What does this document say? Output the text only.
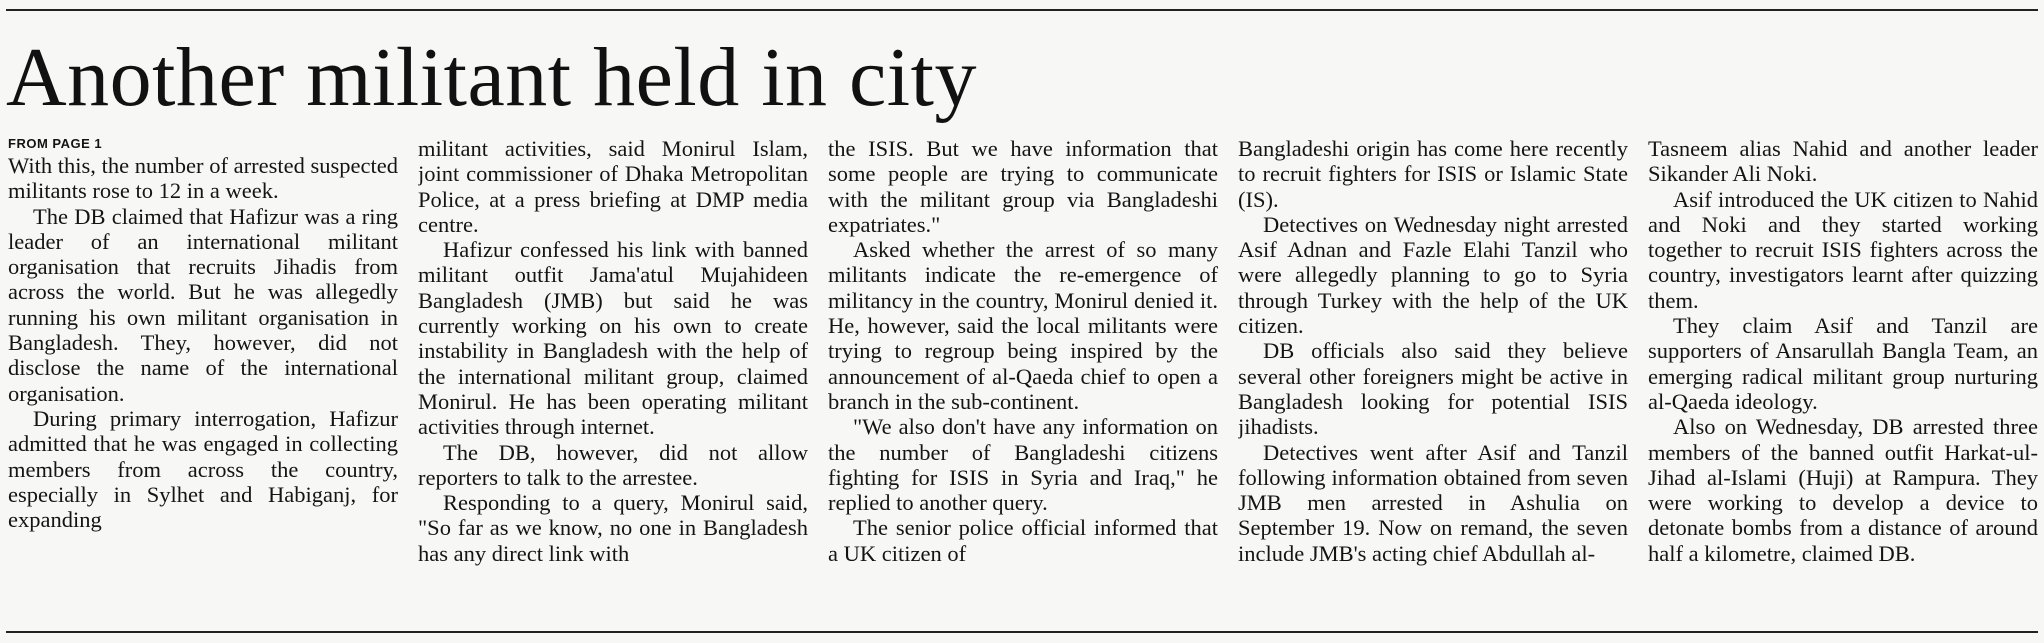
Another militant held in city
FROM PAGE 1

With this, the number of arrested suspected militants rose to 12 in a week.

The DB claimed that Hafizur was a ring leader of an international militant organisation that recruits Jihadis from across the world. But he was allegedly running his own militant organisation in Bangladesh. They, however, did not disclose the name of the international organisation.

During primary interrogation, Hafizur admitted that he was engaged in collecting members from across the country, especially in Sylhet and Habiganj, for expanding

militant activities, said Monirul Islam, joint commissioner of Dhaka Metropolitan Police, at a press briefing at DMP media centre.

Hafizur confessed his link with banned militant outfit Jama'atul Mujahideen Bangladesh (JMB) but said he was currently working on his own to create instability in Bangladesh with the help of the international militant group, claimed Monirul. He has been operating militant activities through internet.

The DB, however, did not allow reporters to talk to the arrestee.

Responding to a query, Monirul said, "So far as we know, no one in Bangladesh has any direct link with

the ISIS. But we have information that some people are trying to communicate with the militant group via Bangladeshi expatriates."

Asked whether the arrest of so many militants indicate the re-emergence of militancy in the country, Monirul denied it. He, however, said the local militants were trying to regroup being inspired by the announcement of al-Qaeda chief to open a branch in the sub-continent.

"We also don't have any information on the number of Bangladeshi citizens fighting for ISIS in Syria and Iraq," he replied to another query.

The senior police official informed that a UK citizen of

Bangladeshi origin has come here recently to recruit fighters for ISIS or Islamic State (IS).

Detectives on Wednesday night arrested Asif Adnan and Fazle Elahi Tanzil who were allegedly planning to go to Syria through Turkey with the help of the UK citizen.

DB officials also said they believe several other foreigners might be active in Bangladesh looking for potential ISIS jihadists.

Detectives went after Asif and Tanzil following information obtained from seven JMB men arrested in Ashulia on September 19. Now on remand, the seven include JMB's acting chief Abdullah al-

Tasneem alias Nahid and another leader Sikander Ali Noki.

Asif introduced the UK citizen to Nahid and Noki and they started working together to recruit ISIS fighters across the country, investigators learnt after quizzing them.

They claim Asif and Tanzil are supporters of Ansarullah Bangla Team, an emerging radical militant group nurturing al-Qaeda ideology.

Also on Wednesday, DB arrested three members of the banned outfit Harkat-ul-Jihad al-Islami (Huji) at Rampura. They were working to develop a device to detonate bombs from a distance of around half a kilometre, claimed DB.
